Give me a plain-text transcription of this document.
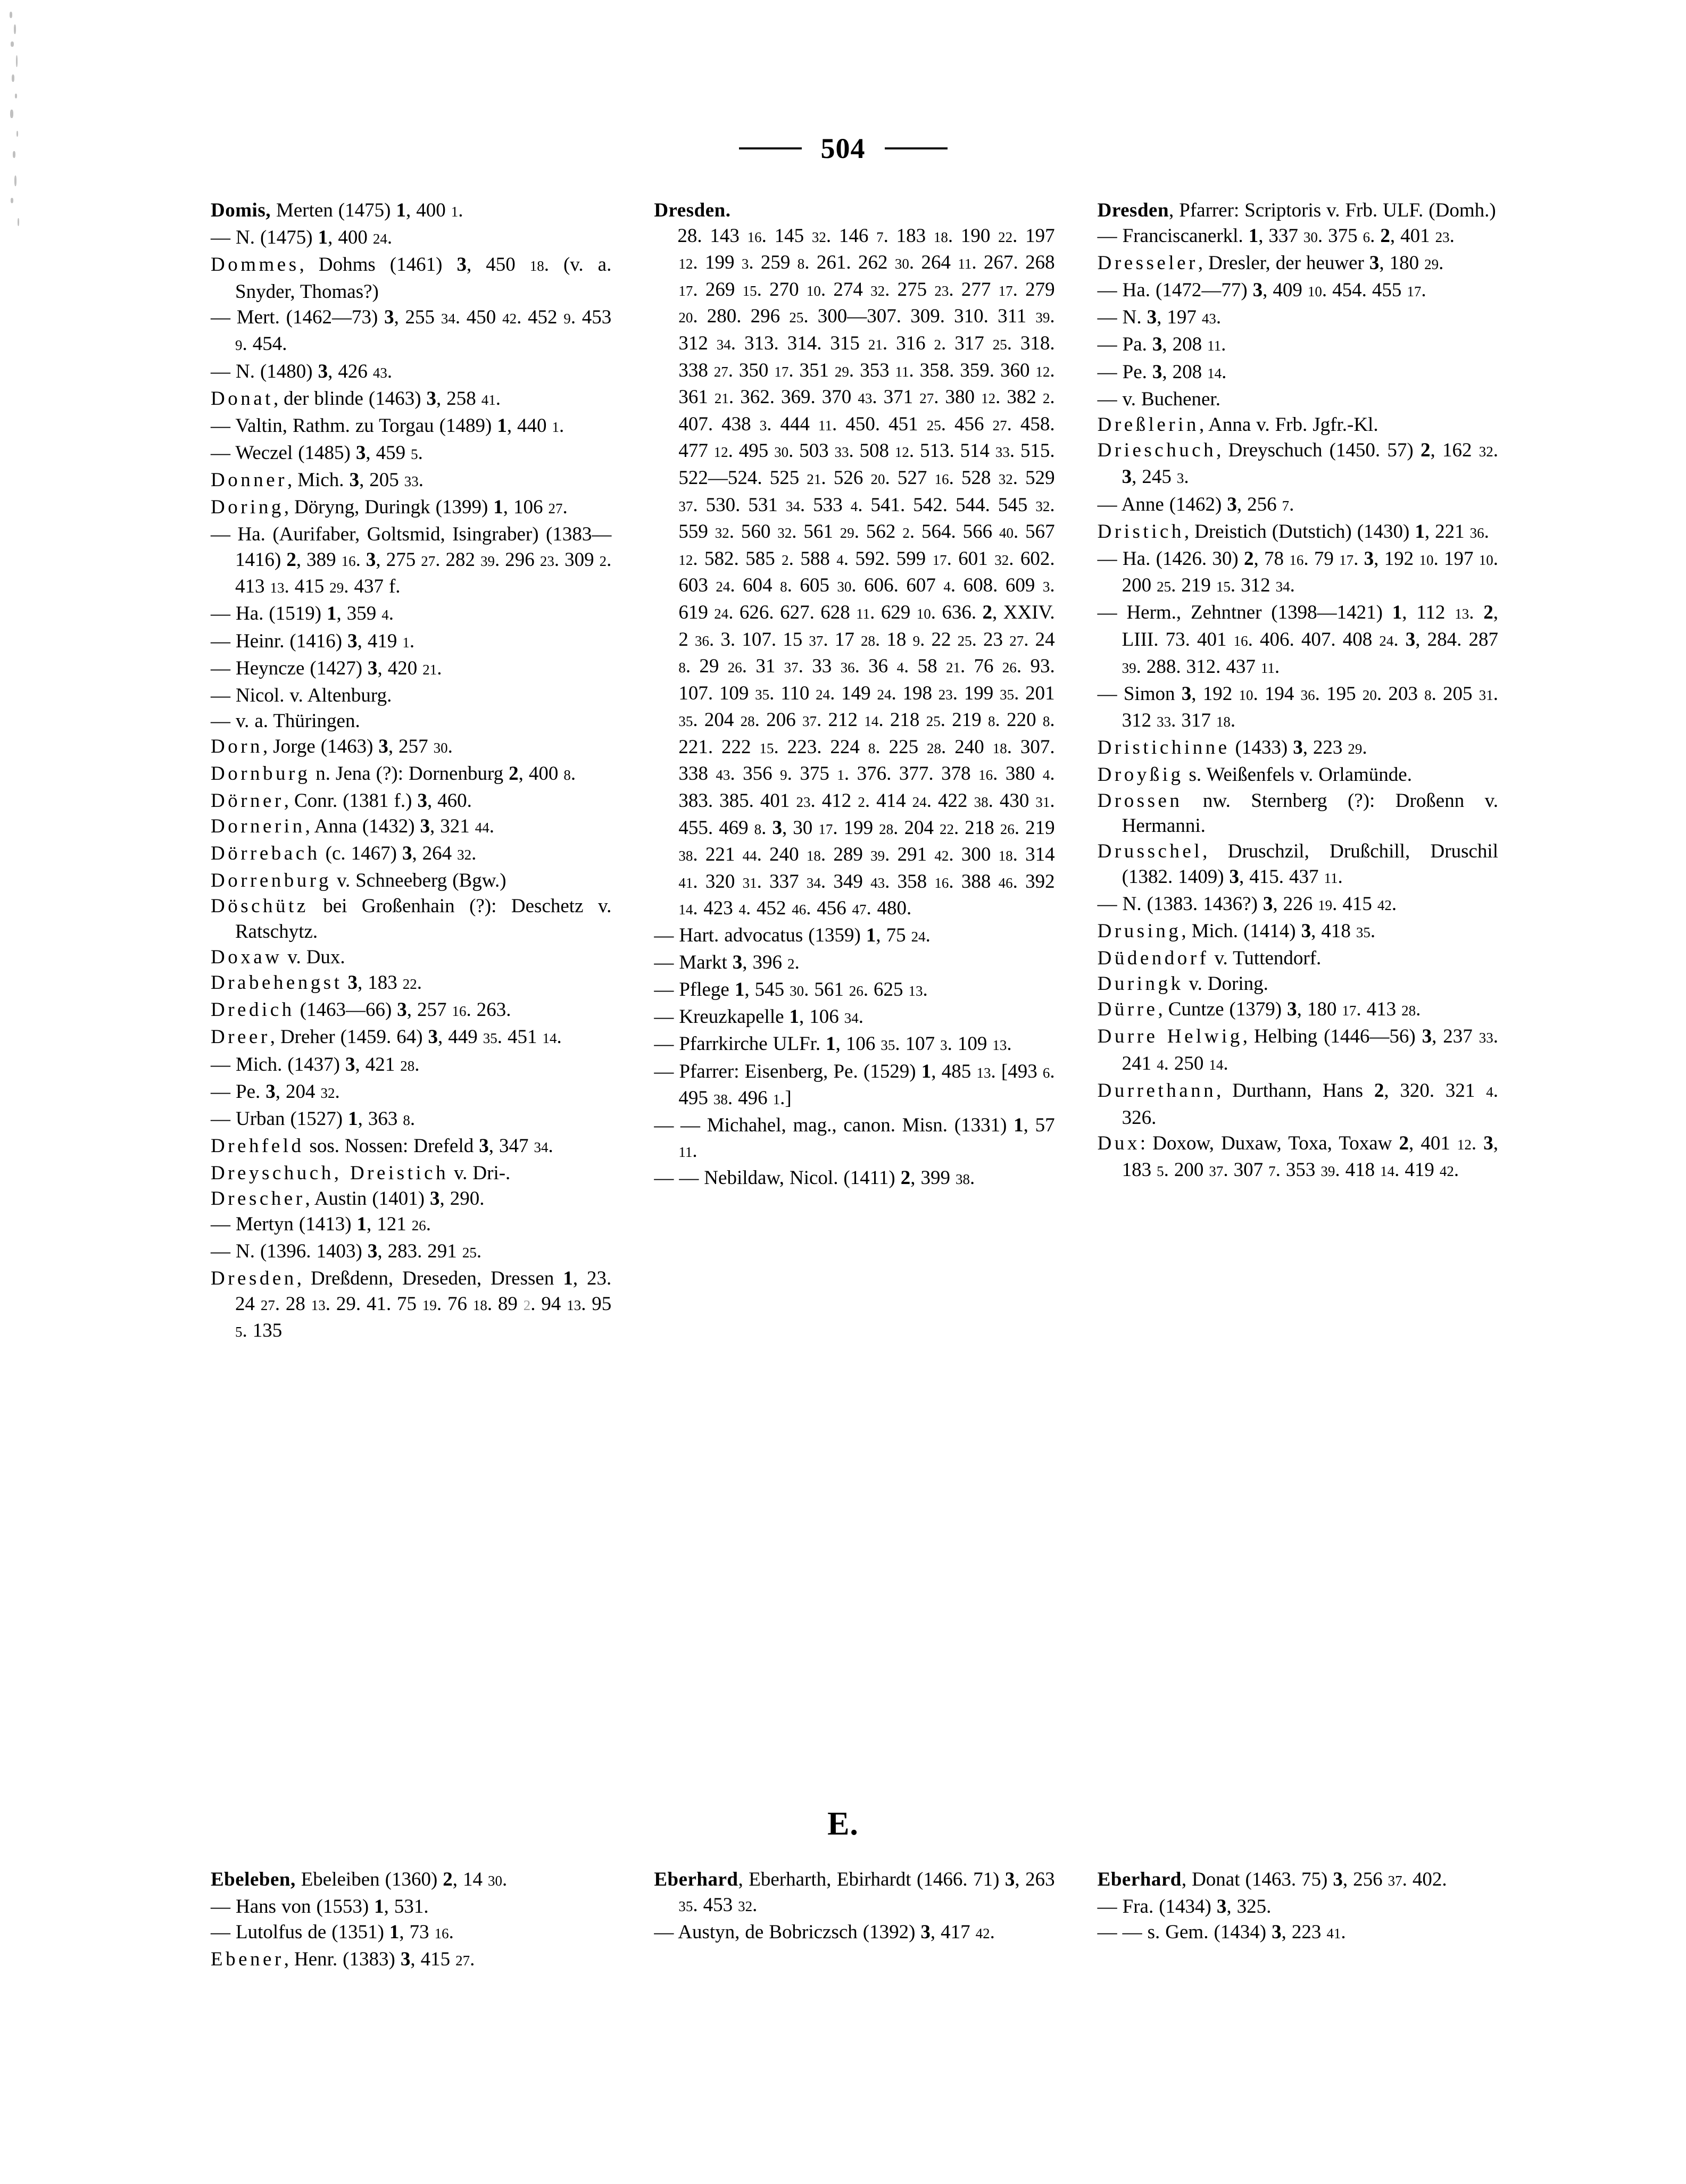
504
Domis, Merten (1475) 1, 400 1.
— N. (1475) 1, 400 24.
Dommes, Dohms (1461) 3, 450 18. (v. a. Snyder, Thomas?)
— Mert. (1462—73) 3, 255 34. 450 42. 452 9. 453 9. 454.
— N. (1480) 3, 426 43.
Donat, der blinde (1463) 3, 258 41.
— Valtin, Rathm. zu Torgau (1489) 1, 440 1.
— Weczel (1485) 3, 459 5.
Donner, Mich. 3, 205 33.
Doring, Döryng, Duringk (1399) 1, 106 27.
— Ha. (Aurifaber, Goltsmid, Isingraber) (1383—1416) 2, 389 16. 3, 275 27. 282 39. 296 23. 309 2. 413 13. 415 29. 437 f.
— Ha. (1519) 1, 359 4.
— Heinr. (1416) 3, 419 1.
— Heyncze (1427) 3, 420 21.
— Nicol. v. Altenburg.
— v. a. Thüringen.
Dorn, Jorge (1463) 3, 257 30.
Dornburg n. Jena (?): Dornenburg 2, 400 8.
Dörner, Conr. (1381 f.) 3, 460.
Dornerin, Anna (1432) 3, 321 44.
Dörrebach (c. 1467) 3, 264 32.
Dorrenburg v. Schneeberg (Bgw.)
Döschütz bei Großenhain (?): Deschetz v. Ratschytz.
Doxaw v. Dux.
Drabehengst 3, 183 22.
Dredich (1463—66) 3, 257 16. 263.
Dreer, Dreher (1459. 64) 3, 449 35. 451 14.
— Mich. (1437) 3, 421 28.
— Pe. 3, 204 32.
— Urban (1527) 1, 363 8.
Drehfeld sos. Nossen: Drefeld 3, 347 34.
Dreyschuch, Dreistich v. Dri-.
Drescher, Austin (1401) 3, 290.
— Mertyn (1413) 1, 121 26.
— N. (1396. 1403) 3, 283. 291 25.
Dresden, Dreßdenn, Dreseden, Dressen 1, 23. 24 27. 28 13. 29. 41. 75 19. 76 18. 89 2. 94 13. 95 5. 135
Dresden.
28. 143 16. 145 32. 146 7. 183 18. 190 22. 197 12. 199 3. 259 8. 261. 262 30. 264 11. 267. 268 17. 269 15. 270 10. 274 32. 275 23. 277 17. 279 20. 280. 296 25. 300—307. 309. 310. 311 39. 312 34. 313. 314. 315 21. 316 2. 317 25. 318. 338 27. 350 17. 351 29. 353 11. 358. 359. 360 12. 361 21. 362. 369. 370 43. 371 27. 380 12. 382 2. 407. 438 3. 444 11. 450. 451 25. 456 27. 458. 477 12. 495 30. 503 33. 508 12. 513. 514 33. 515. 522—524. 525 21. 526 20. 527 16. 528 32. 529 37. 530. 531 34. 533 4. 541. 542. 544. 545 32. 559 32. 560 32. 561 29. 562 2. 564. 566 40. 567 12. 582. 585 2. 588 4. 592. 599 17. 601 32. 602. 603 24. 604 8. 605 30. 606. 607 4. 608. 609 3. 619 24. 626. 627. 628 11. 629 10. 636. 2, XXIV. 2 36. 3. 107. 15 37. 17 28. 18 9. 22 25. 23 27. 24 8. 29 26. 31 37. 33 36. 36 4. 58 21. 76 26. 93. 107. 109 35. 110 24. 149 24. 198 23. 199 35. 201 35. 204 28. 206 37. 212 14. 218 25. 219 8. 220 8. 221. 222 15. 223. 224 8. 225 28. 240 18. 307. 338 43. 356 9. 375 1. 376. 377. 378 16. 380 4. 383. 385. 401 23. 412 2. 414 24. 422 38. 430 31. 455. 469 8. 3, 30 17. 199 28. 204 22. 218 26. 219 38. 221 44. 240 18. 289 39. 291 42. 300 18. 314 41. 320 31. 337 34. 349 43. 358 16. 388 46. 392 14. 423 4. 452 46. 456 47. 480.
— Hart. advocatus (1359) 1, 75 24.
— Markt 3, 396 2.
— Pflege 1, 545 30. 561 26. 625 13.
— Kreuzkapelle 1, 106 34.
— Pfarrkirche ULFr. 1, 106 35. 107 3. 109 13.
— Pfarrer: Eisenberg, Pe. (1529) 1, 485 13. [493 6. 495 38. 496 1.]
— — Michahel, mag., canon. Misn. (1331) 1, 57 11.
— — Nebildaw, Nicol. (1411) 2, 399 38.
Dresden, Pfarrer: Scriptoris v. Frb. ULF. (Domh.)
— Franciscanerkl. 1, 337 30. 375 6. 2, 401 23.
Dresseler, Dresler, der heuwer 3, 180 29.
— Ha. (1472—77) 3, 409 10. 454. 455 17.
— N. 3, 197 43.
— Pa. 3, 208 11.
— Pe. 3, 208 14.
— v. Buchener.
Dreßlerin, Anna v. Frb. Jgfr.-Kl.
Drieschuch, Dreyschuch (1450. 57) 2, 162 32. 3, 245 3.
— Anne (1462) 3, 256 7.
Dristich, Dreistich (Dutstich) (1430) 1, 221 36.
— Ha. (1426. 30) 2, 78 16. 79 17. 3, 192 10. 197 10. 200 25. 219 15. 312 34.
— Herm., Zehntner (1398—1421) 1, 112 13. 2, LIII. 73. 401 16. 406. 407. 408 24. 3, 284. 287 39. 288. 312. 437 11.
— Simon 3, 192 10. 194 36. 195 20. 203 8. 205 31. 312 33. 317 18.
Dristichinne (1433) 3, 223 29.
Droyßig s. Weißenfels v. Orlamünde.
Drossen nw. Sternberg (?): Droßenn v. Hermanni.
Drusschel, Druschzil, Drußchill, Druschil (1382. 1409) 3, 415. 437 11.
— N. (1383. 1436?) 3, 226 19. 415 42.
Drusing, Mich. (1414) 3, 418 35.
Düdendorf v. Tuttendorf.
Duringk v. Doring.
Dürre, Cuntze (1379) 3, 180 17. 413 28.
Durre Helwig, Helbing (1446—56) 3, 237 33. 241 4. 250 14.
Durrethann, Durthann, Hans 2, 320. 321 4. 326.
Dux: Doxow, Duxaw, Toxa, Toxaw 2, 401 12. 3, 183 5. 200 37. 307 7. 353 39. 418 14. 419 42.
E.
Ebeleben, Ebeleiben (1360) 2, 14 30.
— Hans von (1553) 1, 531.
— Lutolfus de (1351) 1, 73 16.
Ebener, Henr. (1383) 3, 415 27.
Eberhard, Eberharth, Ebirhardt (1466. 71) 3, 263 35. 453 32.
— Austyn, de Bobriczsch (1392) 3, 417 42.
Eberhard, Donat (1463. 75) 3, 256 37. 402.
— Fra. (1434) 3, 325.
— — s. Gem. (1434) 3, 223 41.
